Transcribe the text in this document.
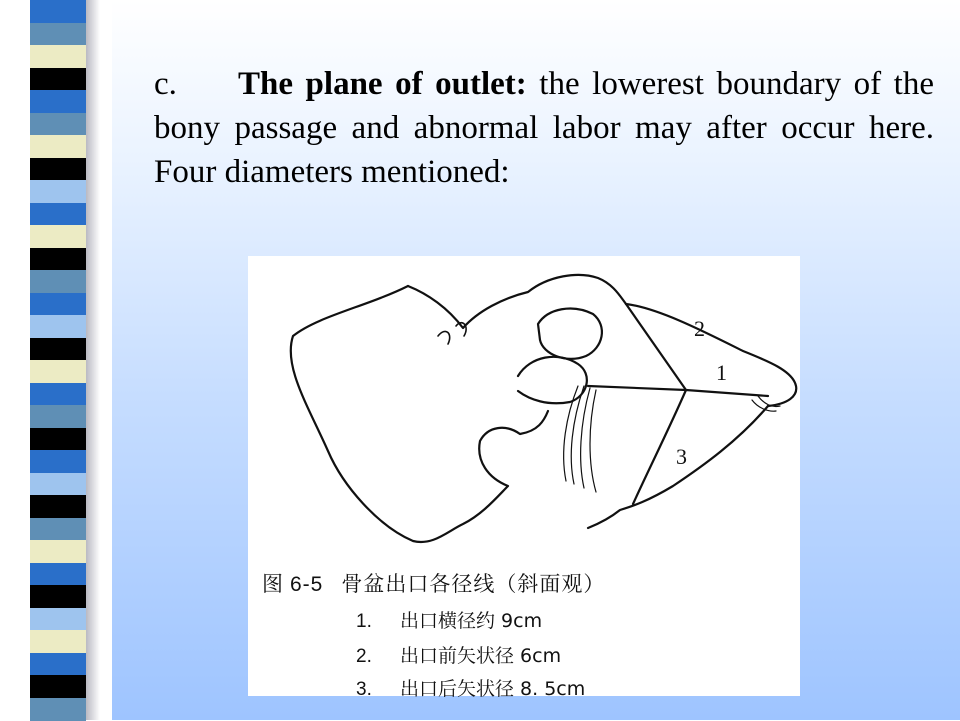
c. The plane of outlet: the lowerest boundary of the bony passage and abnormal labor may after occur here. Four diameters mentioned:
2
1
3
图 6-5 骨盆出口各径线（斜面观）
1. 出口横径约 9cm
2. 出口前矢状径 6cm
3. 出口后矢状径 8. 5cm
